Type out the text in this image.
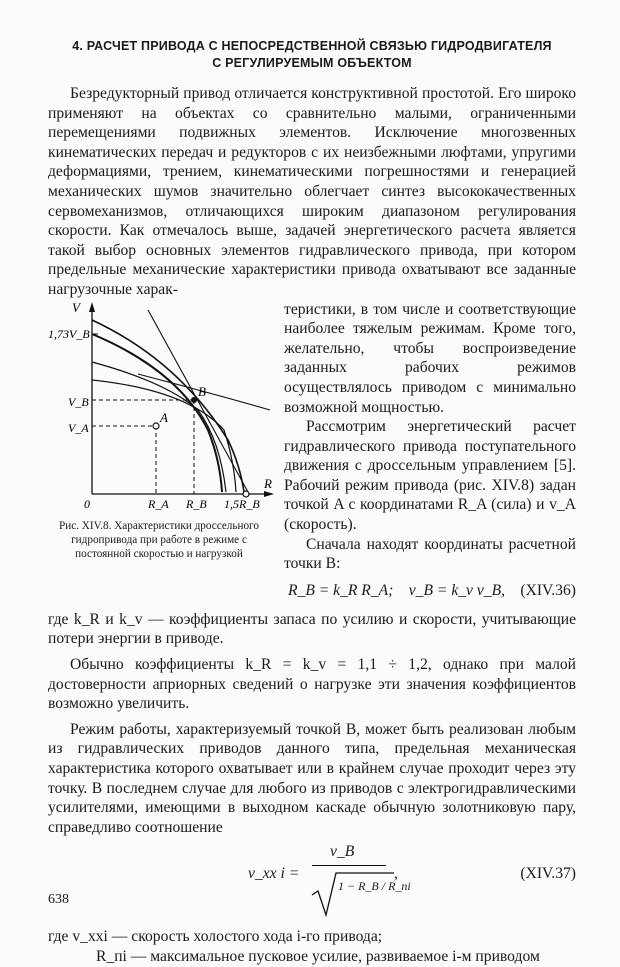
4. РАСЧЕТ ПРИВОДА С НЕПОСРЕДСТВЕННОЙ СВЯЗЬЮ ГИДРОДВИГАТЕЛЯ
С РЕГУЛИРУЕМЫМ ОБЪЕКТОМ

Безредукторный привод отличается конструктивной простотой. Его широко применяют на объектах со сравнительно малыми, ограниченными перемещениями подвижных элементов. Исключение многозвенных кинематических передач и редукторов с их неизбежными люфтами, упругими деформациями, трением, кинематическими погрешностями и генерацией механических шумов значительно облегчает синтез высококачественных сервомеханизмов, отличающихся широким диапазоном регулирования скорости. Как отмечалось выше, задачей энергетического расчета является такой выбор основных элементов гидравлического привода, при котором предельные механические характеристики привода охватывают все заданные нагрузочные харак-

V
R
0
1,73V_B
V_B
V_A
B
A
R_A R_B 1,5R_B
Рис. XIV.8. Характеристики дроссельного гидропривода при работе в режиме с постоянной скоростью и нагрузкой

теристики, в том числе и соответствующие наиболее тяжелым режимам. Кроме того, желательно, чтобы воспроизведение заданных рабочих режимов осуществлялось приводом с минимально возможной мощностью.

Рассмотрим энергетический расчет гидравлического привода поступательного движения с дроссельным управлением [5]. Рабочий режим привода (рис. XIV.8) задан точкой A с координатами R_A (сила) и v_A (скорость).

Сначала находят координаты расчетной точки B:

R_B = k_R R_A; v_B = k_v v_B, (XIV.36)

где k_R и k_v — коэффициенты запаса по усилию и скорости, учитывающие потери энергии в приводе.

Обычно коэффициенты k_R = k_v = 1,1 ÷ 1,2, однако при малой достоверности априорных сведений о нагрузке эти значения коэффициентов возможно увеличить.

Режим работы, характеризуемый точкой B, может быть реализован любым из гидравлических приводов данного типа, предельная механическая характеристика которого охватывает или в крайнем случае проходит через эту точку. В последнем случае для любого из приводов с электрогидравлическими усилителями, имеющими в выходном каскаде обычную золотниковую пару, справедливо соотношение

v_xx i =
v_B
1 − R_B / R_пi
,	(XIV.37)

где v_xxi — скорость холостого хода i-го привода;

R_пi — максимальное пусковое усилие, развиваемое i-м приводом

638
